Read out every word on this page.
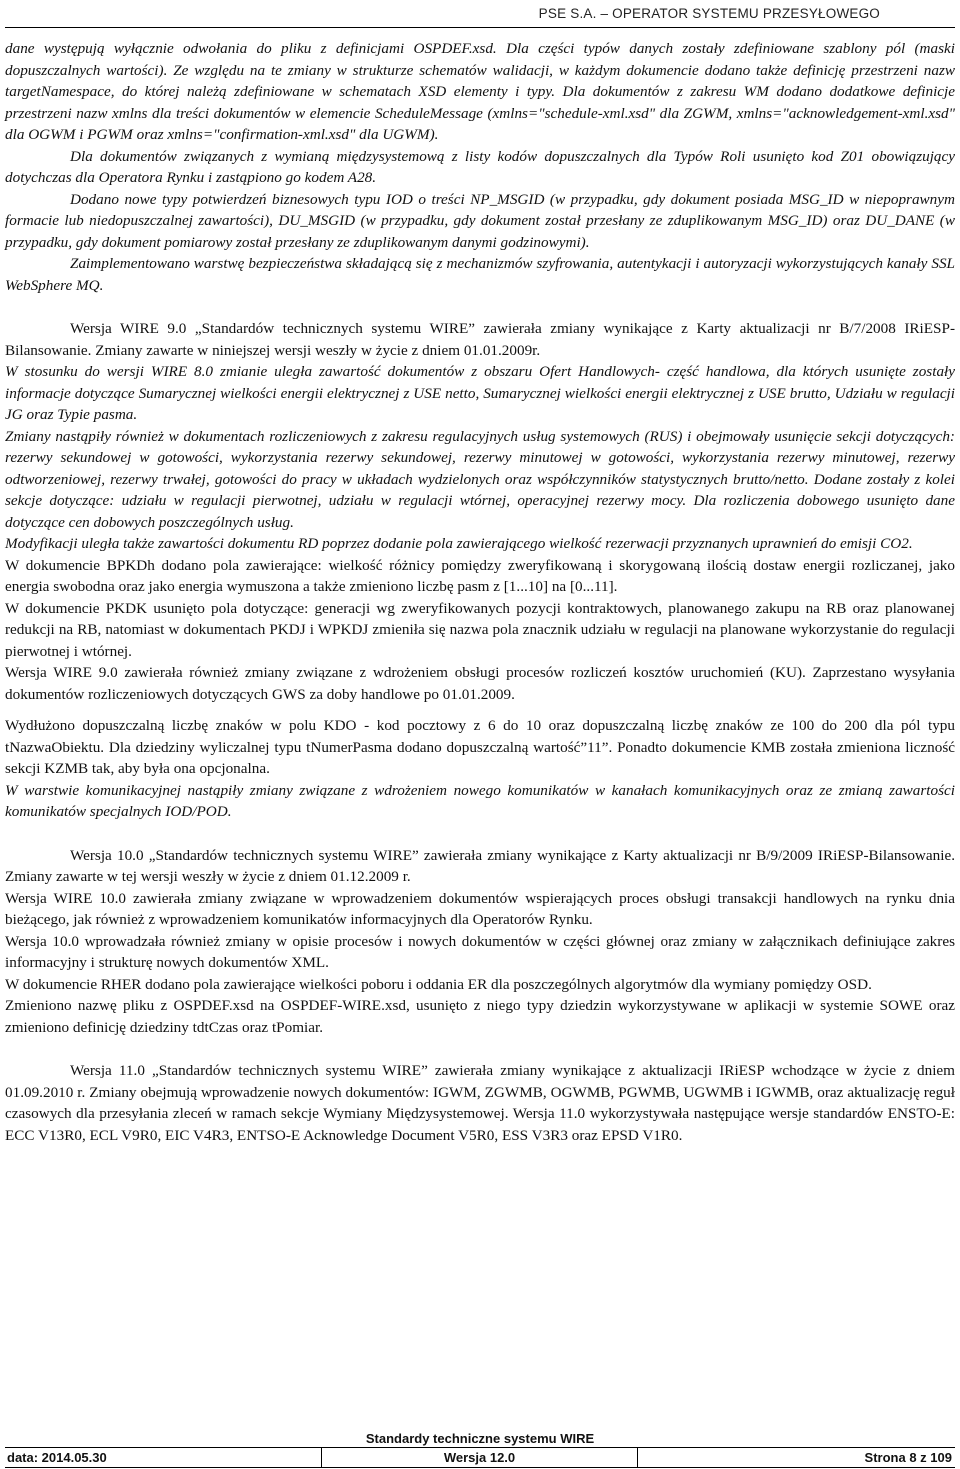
PSE S.A. – OPERATOR SYSTEMU PRZESYŁOWEGO

dane występują wyłącznie odwołania do pliku z definicjami OSPDEF.xsd. Dla części typów danych zostały zdefiniowane szablony pól (maski dopuszczalnych wartości). Ze względu na te zmiany w strukturze schematów walidacji, w każdym dokumencie dodano także definicję przestrzeni nazw targetNamespace, do której należą zdefiniowane w schematach XSD elementy i typy. Dla dokumentów z zakresu WM dodano dodatkowe definicje przestrzeni nazw xmlns dla treści dokumentów w elemencie ScheduleMessage (xmlns="schedule-xml.xsd" dla ZGWM, xmlns="acknowledgement-xml.xsd" dla OGWM i PGWM oraz xmlns="confirmation-xml.xsd" dla UGWM).

Dla dokumentów związanych z wymianą międzysystemową z listy kodów dopuszczalnych dla Typów Roli usunięto kod Z01 obowiązujący dotychczas dla Operatora Rynku i zastąpiono go kodem A28.

Dodano nowe typy potwierdzeń biznesowych typu IOD o treści NP_MSGID (w przypadku, gdy dokument posiada MSG_ID w niepoprawnym formacie lub niedopuszczalnej zawartości), DU_MSGID (w przypadku, gdy dokument został przesłany ze zduplikowanym MSG_ID) oraz DU_DANE (w przypadku, gdy dokument pomiarowy został przesłany ze zduplikowanym danymi godzinowymi).

Zaimplementowano warstwę bezpieczeństwa składającą się z mechanizmów szyfrowania, autentykacji i autoryzacji wykorzystujących kanały SSL WebSphere MQ.

Wersja WIRE 9.0 „Standardów technicznych systemu WIRE” zawierała zmiany wynikające z Karty aktualizacji nr B/7/2008 IRiESP-Bilansowanie. Zmiany zawarte w niniejszej wersji weszły w życie z dniem 01.01.2009r.

W stosunku do wersji WIRE 8.0 zmianie uległa zawartość dokumentów z obszaru Ofert Handlowych- część handlowa, dla których usunięte zostały informacje dotyczące Sumarycznej wielkości energii elektrycznej z USE netto, Sumarycznej wielkości energii elektrycznej z USE brutto, Udziału w regulacji JG oraz Typie pasma.

Zmiany nastąpiły również w dokumentach rozliczeniowych z zakresu regulacyjnych usług systemowych (RUS) i obejmowały usunięcie sekcji dotyczących: rezerwy sekundowej w gotowości, wykorzystania rezerwy sekundowej, rezerwy minutowej w gotowości, wykorzystania rezerwy minutowej, rezerwy odtworzeniowej, rezerwy trwałej, gotowości do pracy w układach wydzielonych oraz współczynników statystycznych brutto/netto. Dodane zostały z kolei sekcje dotyczące: udziału w regulacji pierwotnej, udziału w regulacji wtórnej, operacyjnej rezerwy mocy. Dla rozliczenia dobowego usunięto dane dotyczące cen dobowych poszczególnych usług.

Modyfikacji uległa także zawartości dokumentu RD poprzez dodanie pola zawierającego wielkość rezerwacji przyznanych uprawnień do emisji CO2.

W dokumencie BPKDh dodano pola zawierające: wielkość różnicy pomiędzy zweryfikowaną i skorygowaną ilością dostaw energii rozliczanej, jako energia swobodna oraz jako energia wymuszona a także zmieniono liczbę pasm z [1...10] na [0...11].

W dokumencie PKDK usunięto pola dotyczące: generacji wg zweryfikowanych pozycji kontraktowych, planowanego zakupu na RB oraz planowanej redukcji na RB, natomiast w dokumentach PKDJ i WPKDJ zmieniła się nazwa pola znacznik udziału w regulacji na planowane wykorzystanie do regulacji pierwotnej i wtórnej.

Wersja WIRE 9.0 zawierała również zmiany związane z wdrożeniem obsługi procesów rozliczeń kosztów uruchomień (KU). Zaprzestano wysyłania dokumentów rozliczeniowych dotyczących GWS za doby handlowe po 01.01.2009.

Wydłużono dopuszczalną liczbę znaków w polu KDO - kod pocztowy z 6 do 10 oraz dopuszczalną liczbę znaków ze 100 do 200 dla pól typu tNazwaObiektu. Dla dziedziny wyliczalnej typu tNumerPasma dodano dopuszczalną wartość”11”. Ponadto dokumencie KMB została zmieniona liczność sekcji KZMB tak, aby była ona opcjonalna.

W warstwie komunikacyjnej nastąpiły zmiany związane z wdrożeniem nowego komunikatów w kanałach komunikacyjnych oraz ze zmianą zawartości komunikatów specjalnych IOD/POD.

Wersja 10.0 „Standardów technicznych systemu WIRE” zawierała zmiany wynikające z Karty aktualizacji nr B/9/2009 IRiESP-Bilansowanie. Zmiany zawarte w tej wersji weszły w życie z dniem 01.12.2009 r.

Wersja WIRE 10.0 zawierała zmiany związane w wprowadzeniem dokumentów wspierających proces obsługi transakcji handlowych na rynku dnia bieżącego, jak również z wprowadzeniem komunikatów informacyjnych dla Operatorów Rynku.

Wersja 10.0 wprowadzała również zmiany w opisie procesów i nowych dokumentów w części głównej oraz zmiany w załącznikach definiujące zakres informacyjny i strukturę nowych dokumentów XML.

W dokumencie RHER dodano pola zawierające wielkości poboru i oddania ER dla poszczególnych algorytmów dla wymiany pomiędzy OSD.

Zmieniono nazwę pliku z OSPDEF.xsd na OSPDEF-WIRE.xsd, usunięto z niego typy dziedzin wykorzystywane w aplikacji w systemie SOWE oraz zmieniono definicję dziedziny tdtCzas oraz tPomiar.

Wersja 11.0 „Standardów technicznych systemu WIRE” zawierała zmiany wynikające z aktualizacji IRiESP wchodzące w życie z dniem 01.09.2010 r. Zmiany obejmują wprowadzenie nowych dokumentów: IGWM, ZGWMB, OGWMB, PGWMB, UGWMB i IGWMB, oraz aktualizację reguł czasowych dla przesyłania zleceń w ramach sekcje Wymiany Międzysystemowej. Wersja 11.0 wykorzystywała następujące wersje standardów ENSTO-E: ECC V13R0, ECL V9R0, EIC V4R3, ENTSO-E Acknowledge Document V5R0, ESS V3R3 oraz EPSD V1R0.

Standardy techniczne systemu WIRE
data: 2014.05.30	Wersja 12.0	Strona 8 z 109
